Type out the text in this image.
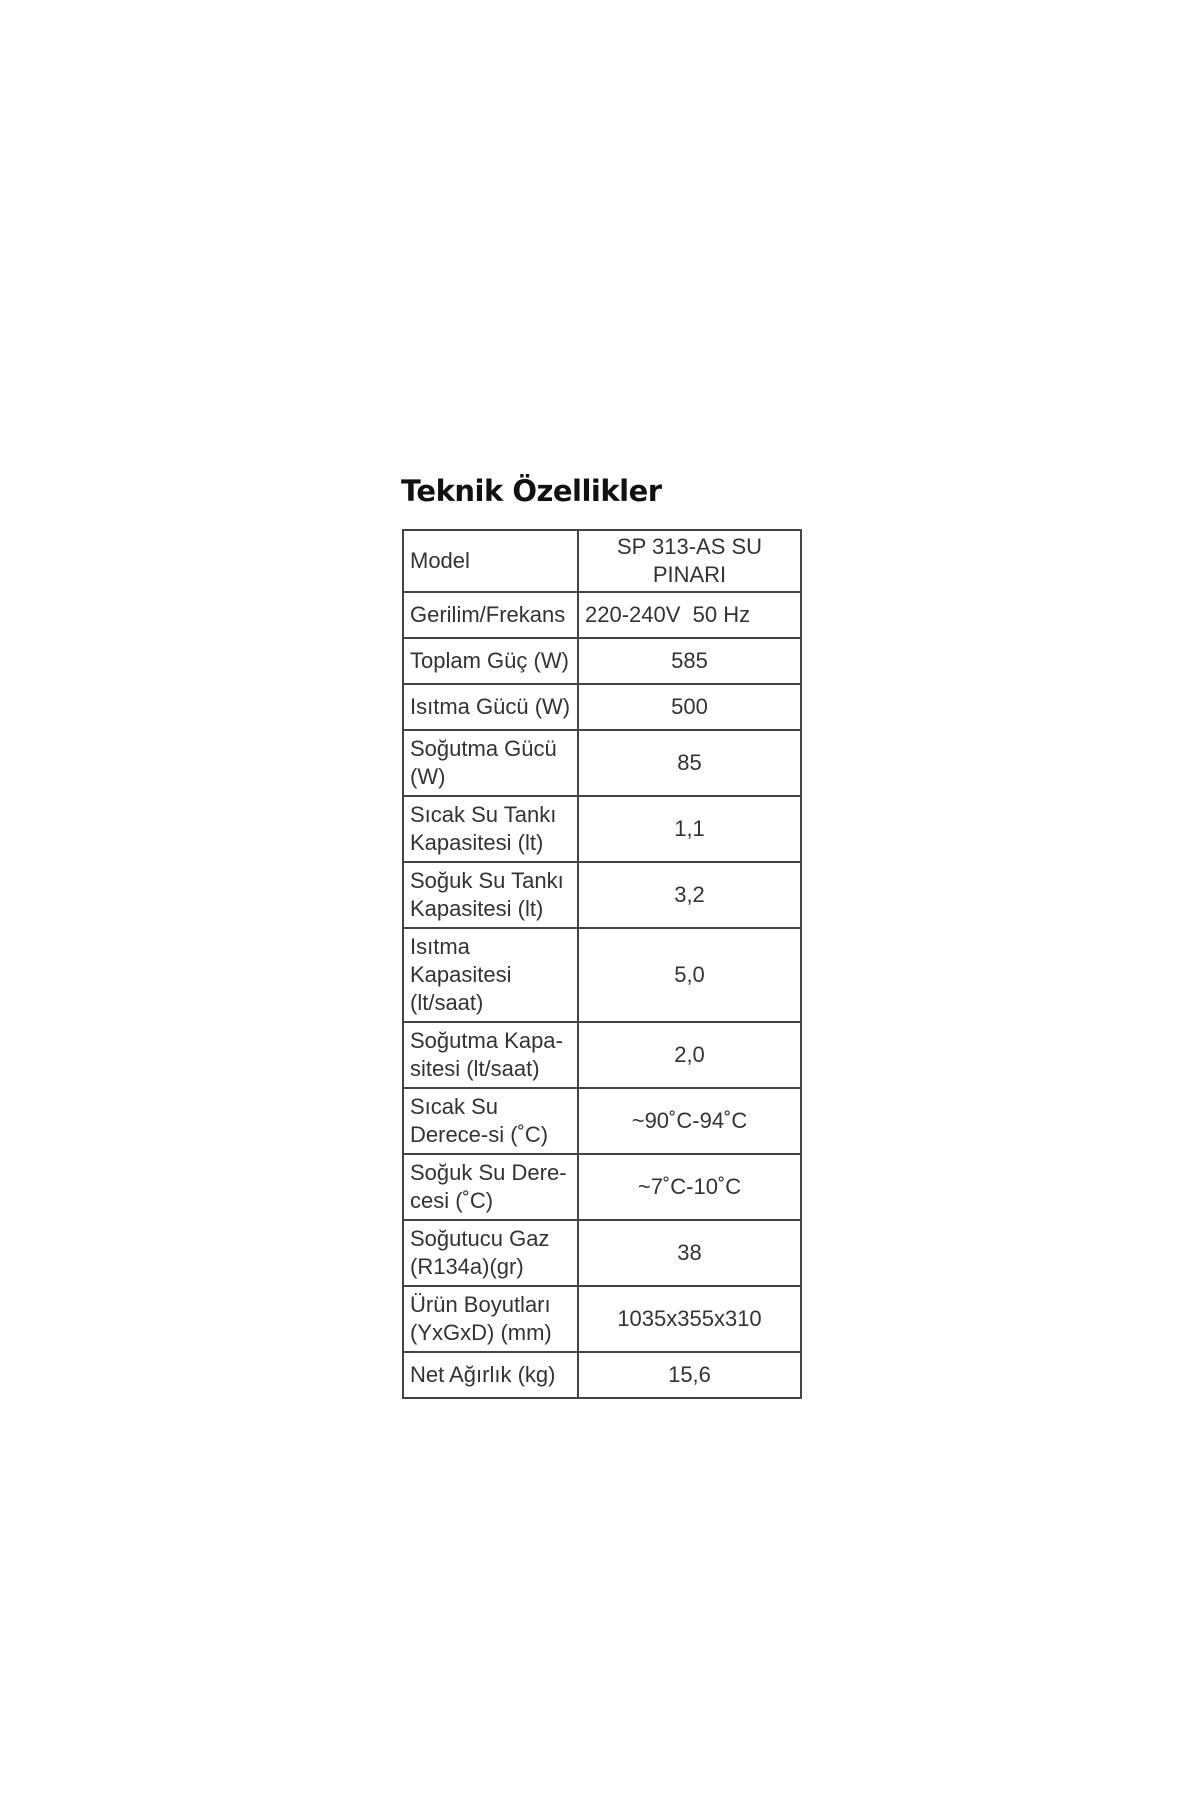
Teknik Özellikler
Model	SP 313-AS SU PINARI
Gerilim/Frekans	220-240V  50 Hz
Toplam Güç (W)	585
Isıtma Gücü (W)	500
Soğutma Gücü (W)	85
Sıcak Su Tankı Kapasitesi (lt)	1,1
Soğuk Su Tankı Kapasitesi (lt)	3,2
Isıtma Kapasitesi (lt/saat)	5,0
Soğutma Kapa-sitesi (lt/saat)	2,0
Sıcak Su Derece-si (˚C)	~90˚C-94˚C
Soğuk Su Dere-cesi (˚C)	~7˚C-10˚C
Soğutucu Gaz (R134a)(gr)	38
Ürün Boyutları (YxGxD) (mm)	1035x355x310
Net Ağırlık (kg)	15,6
